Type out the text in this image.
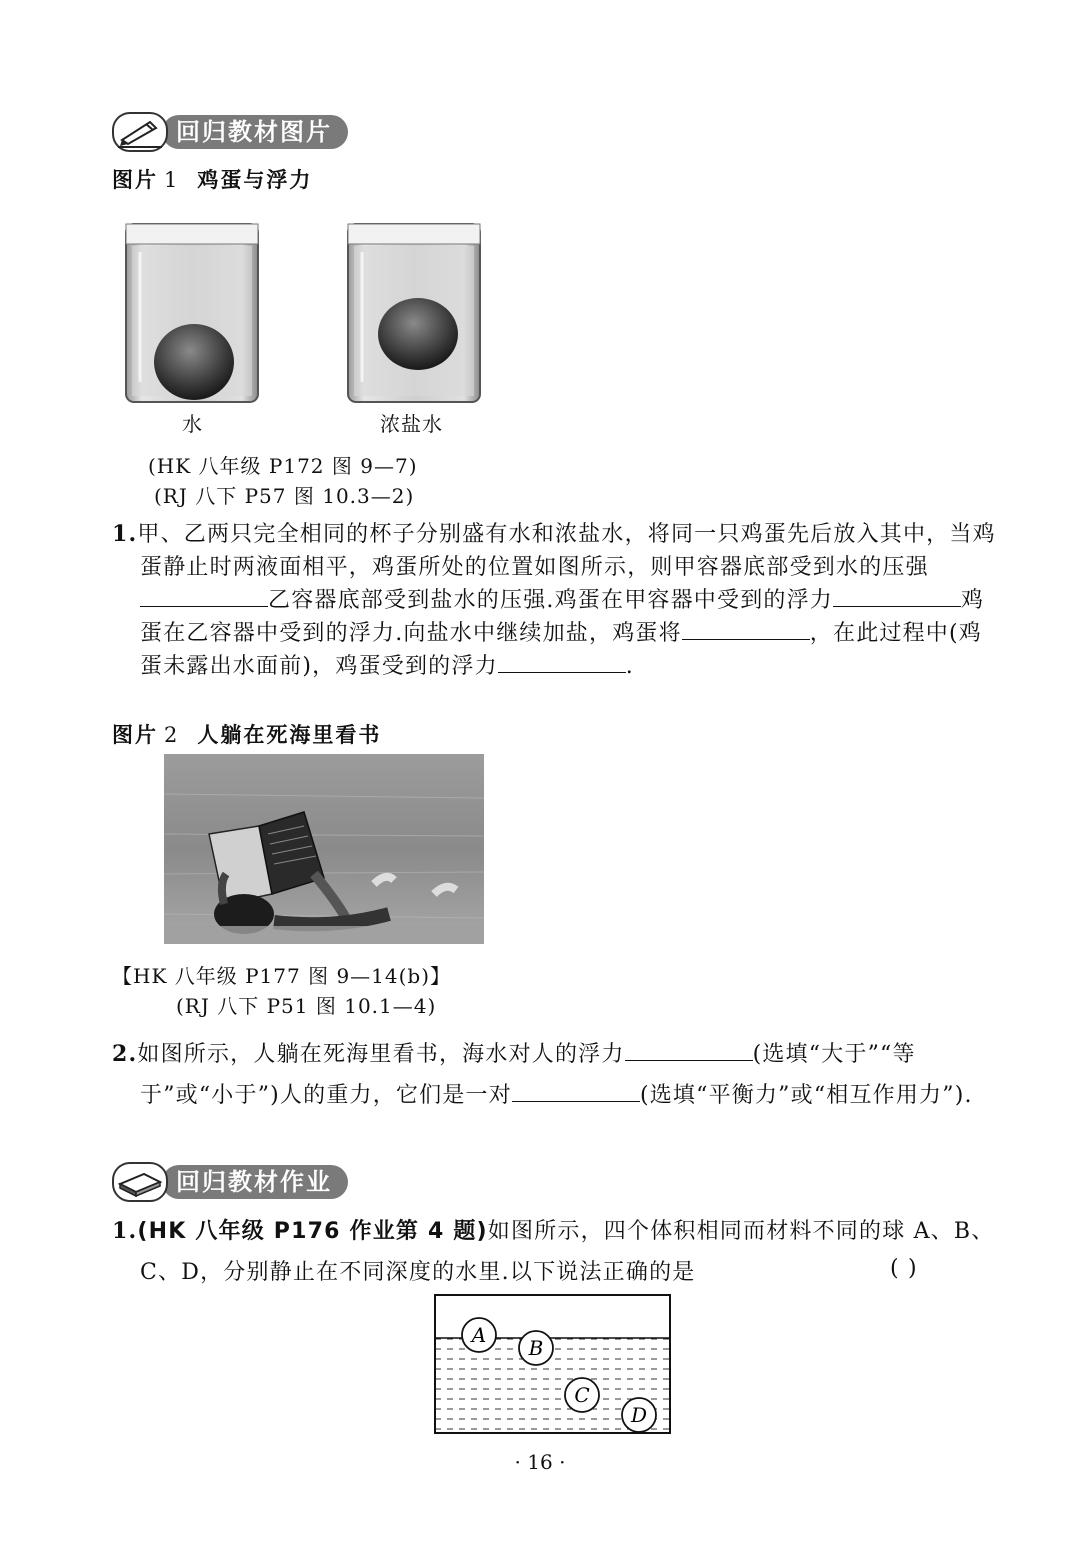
回归教材图片
图片 1 鸡蛋与浮力
水	浓盐水
(HK 八年级 P172 图 9—7)
(RJ 八下 P57 图 10.3—2)
1.甲、乙两只完全相同的杯子分别盛有水和浓盐水，将同一只鸡蛋先后放入其中，当鸡蛋静止时两液面相平，鸡蛋所处的位置如图所示，则甲容器底部受到水的压强乙容器底部受到盐水的压强.鸡蛋在甲容器中受到的浮力	鸡蛋在乙容器中受到的浮力.向盐水中继续加盐，鸡蛋将	，在此过程中(鸡蛋未露出水面前)，鸡蛋受到的浮力	.
图片 2 人躺在死海里看书
【HK 八年级 P177 图 9—14(b)】
(RJ 八下 P51 图 10.1—4)
2.如图所示，人躺在死海里看书，海水对人的浮力	(选填“大于”“等于”或“小于”)人的重力，它们是一对	(选填“平衡力”或“相互作用力”).
回归教材作业
1.(HK 八年级 P176 作业第 4 题)如图所示，四个体积相同而材料不同的球 A、B、C、D，分别静止在不同深度的水里.以下说法正确的是	( )
A
B
C
D
· 16 ·
